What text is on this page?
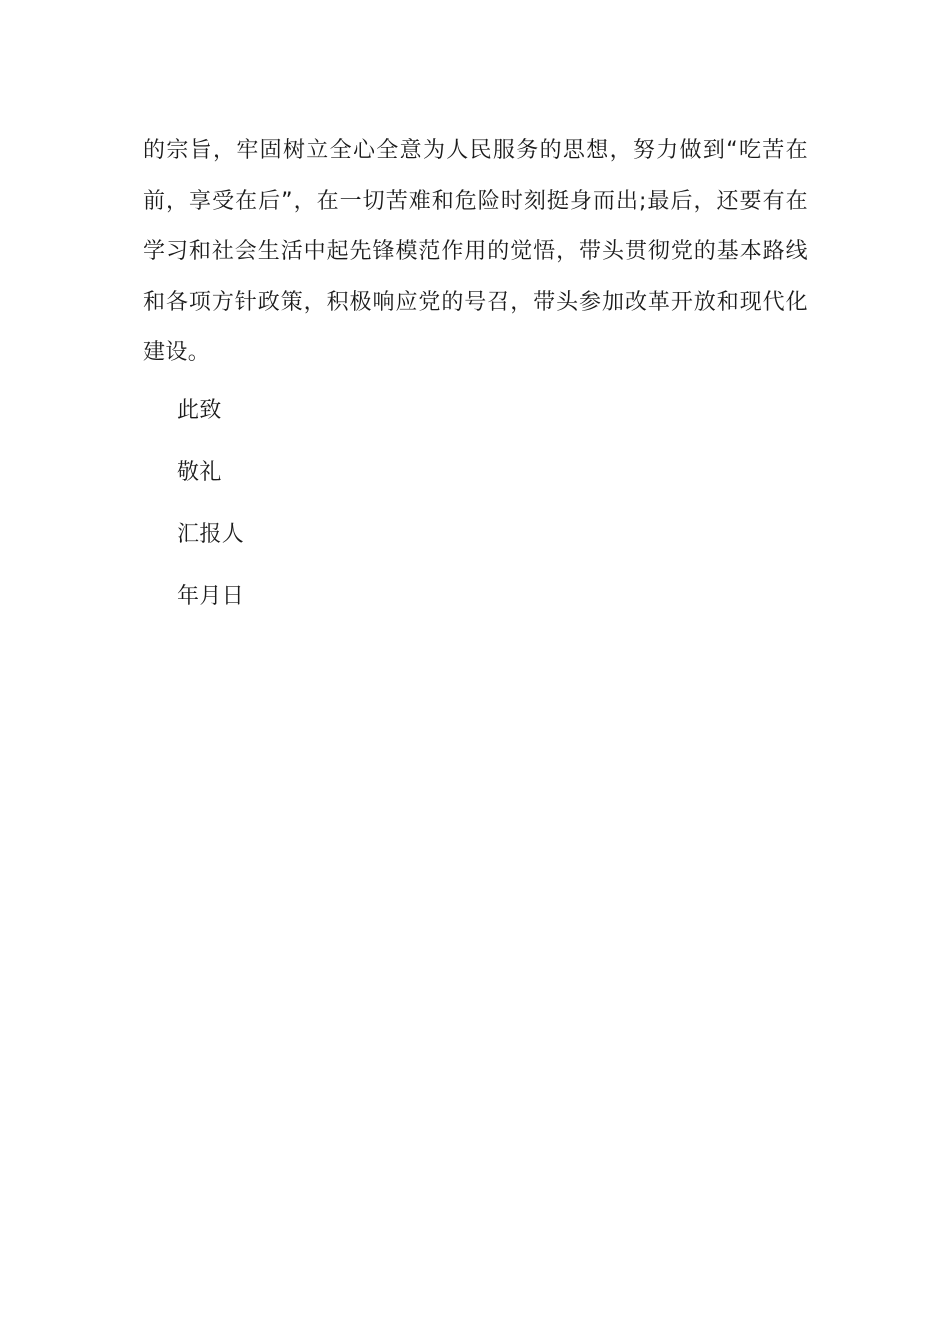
的宗旨，牢固树立全心全意为人民服务的思想，努力做到“吃苦在前，享受在后”，在一切苦难和危险时刻挺身而出;最后，还要有在学习和社会生活中起先锋模范作用的觉悟，带头贯彻党的基本路线和各项方针政策，积极响应党的号召，带头参加改革开放和现代化建设。

此致

敬礼

汇报人

年月日
